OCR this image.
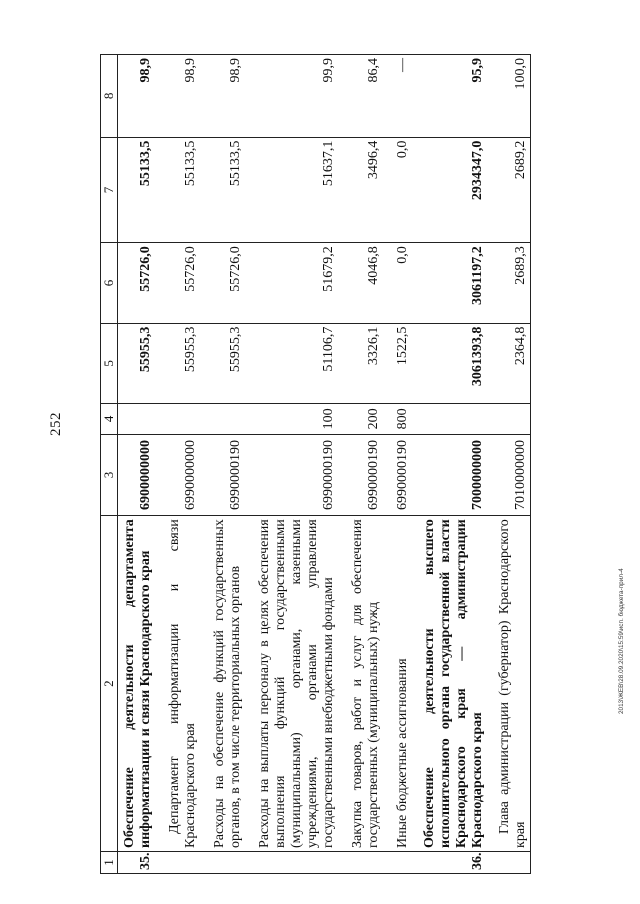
252
2013\ЖЕВ\28.09.2020\15:59\исп. бюджета-прил-4
1	2	3	4	5	6	7	8
35.	Обеспечение деятельности департамента информатизации и связи Краснодарского края	6900000000		55955,3	55726,0	55133,5	98,9
	Департамент информатизации и связи Краснодарского края	6990000000		55955,3	55726,0	55133,5	98,9
	Расходы на обеспечение функций государственных органов, в том числе территориальных органов	6990000190		55955,3	55726,0	55133,5	98,9
	Расходы на выплаты персоналу в целях обеспечения выполнения функций государственными (муниципальными) органами, казенными учреждениями, органами управления государственными внебюджетными фондами	6990000190	100	51106,7	51679,2	51637,1	99,9
	Закупка товаров, работ и услуг для обеспечения государственных (муниципальных) нужд	6990000190	200	3326,1	4046,8	3496,4	86,4
	Иные бюджетные ассигнования	6990000190	800	1522,5	0,0	0,0	—
36.	Обеспечение деятельности высшего исполнительного органа государственной власти Краснодарского края — администрации Краснодарского края	7000000000		3061393,8	3061197,2	2934347,0	95,9
	Глава администрации (губернатор) Краснодарского края	7010000000		2364,8	2689,3	2689,2	100,0
